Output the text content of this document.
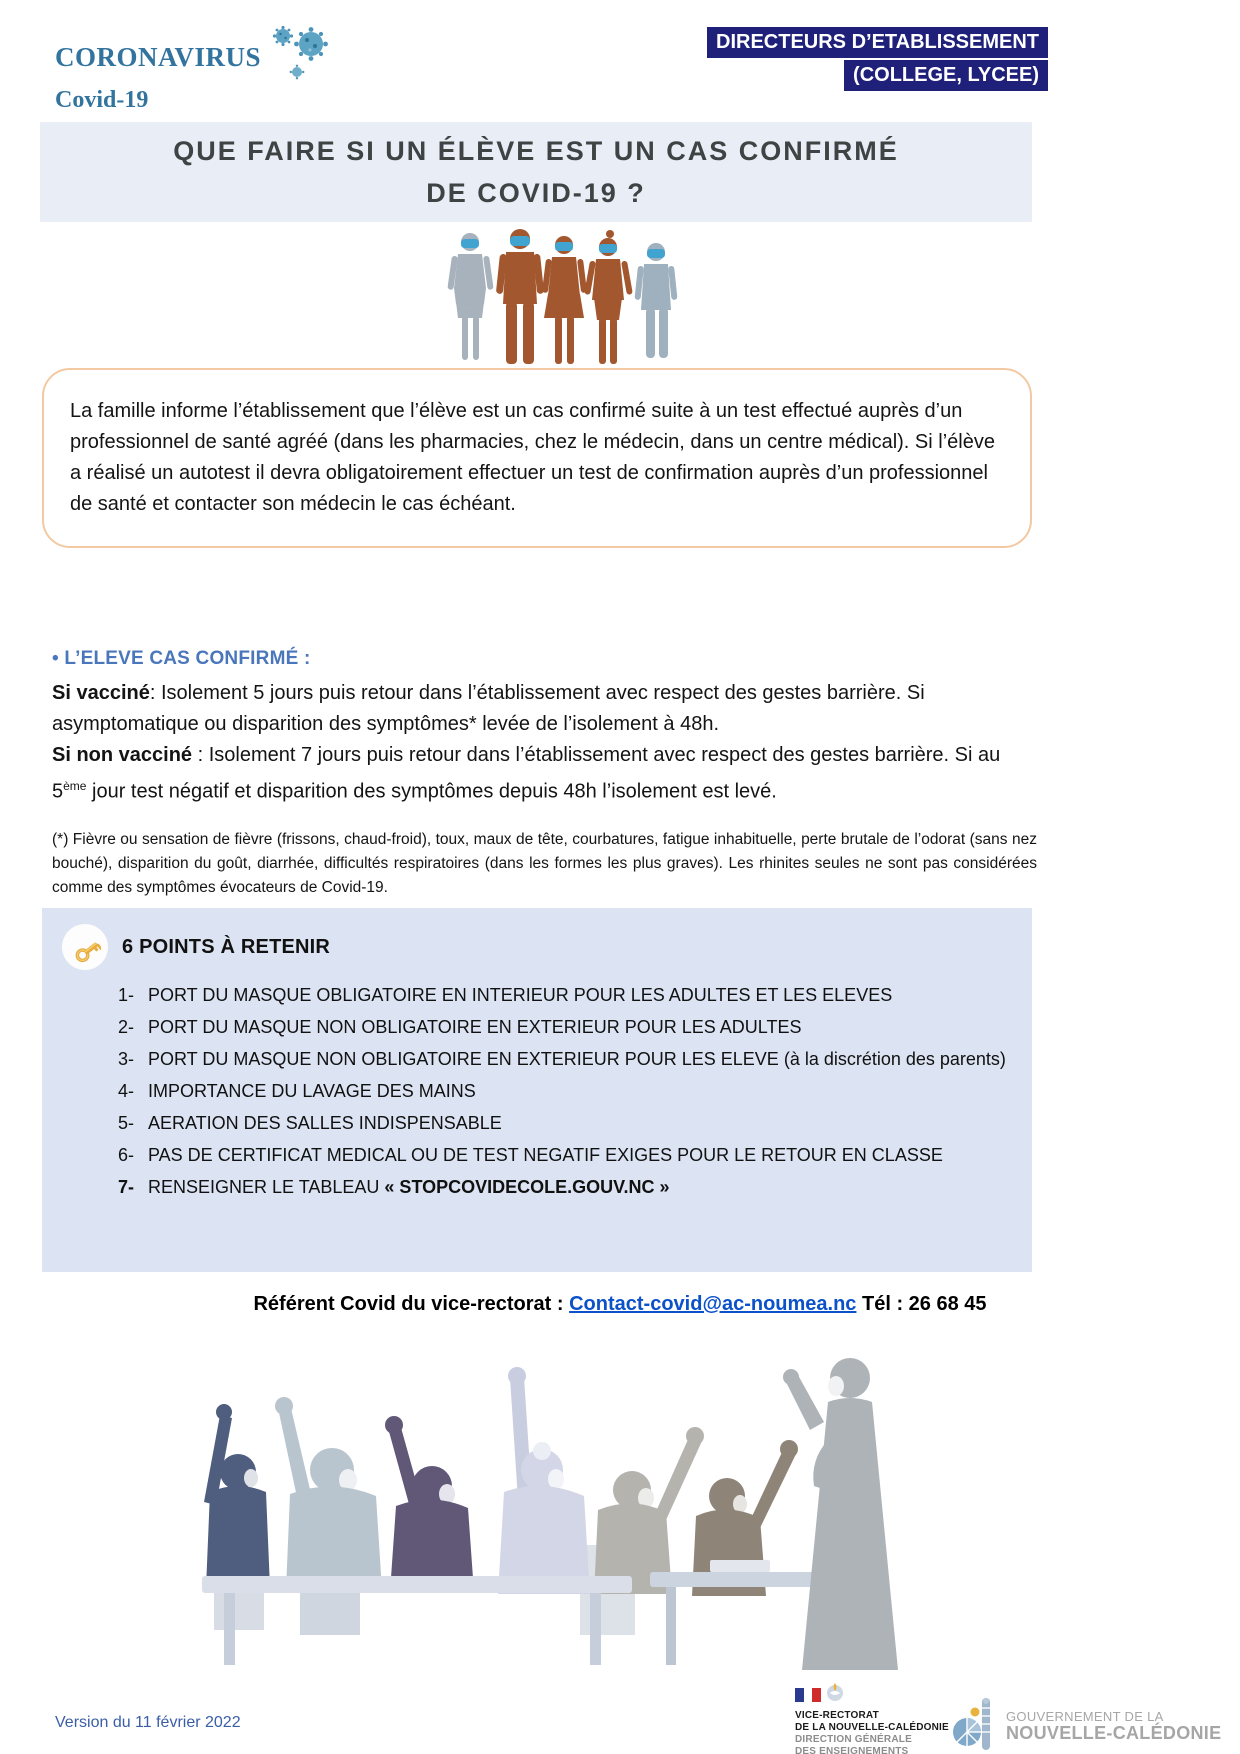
CORONAVIRUS
Covid-19
DIRECTEURS D’ETABLISSEMENT
(COLLEGE, LYCEE)
QUE FAIRE SI UN ÉLÈVE EST UN CAS CONFIRMÉ
DE COVID-19 ?

La famille informe l’établissement que l’élève est un cas confirmé suite à un test effectué auprès d’un professionnel de santé agréé (dans les pharmacies, chez le médecin, dans un centre médical). Si l’élève a réalisé un autotest il devra obligatoirement effectuer un test de confirmation auprès d’un professionnel de santé et contacter son médecin le cas échéant.

• L’ELEVE CAS CONFIRMÉ :

Si vacciné: Isolement 5 jours puis retour dans l’établissement avec respect des gestes barrière. Si asymptomatique ou disparition des symptômes* levée de l’isolement à 48h.

Si non vacciné : Isolement 7 jours puis retour dans l’établissement avec respect des gestes barrière. Si au 5ème jour test négatif et disparition des symptômes depuis 48h l’isolement est levé.

(*) Fièvre ou sensation de fièvre (frissons, chaud-froid), toux, maux de tête, courbatures, fatigue inhabituelle, perte brutale de l’odorat (sans nez bouché), disparition du goût, diarrhée, difficultés respiratoires (dans les formes les plus graves). Les rhinites seules ne sont pas considérées comme des symptômes évocateurs de Covid-19.

6 POINTS À RETENIR
1- PORT DU MASQUE OBLIGATOIRE EN INTERIEUR POUR LES ADULTES ET LES ELEVES
2- PORT DU MASQUE NON OBLIGATOIRE EN EXTERIEUR POUR LES ADULTES
3- PORT DU MASQUE NON OBLIGATOIRE EN EXTERIEUR POUR LES ELEVE (à la discrétion des parents)
4- IMPORTANCE DU LAVAGE DES MAINS
5- AERATION DES SALLES INDISPENSABLE
6- PAS DE CERTIFICAT MEDICAL OU DE TEST NEGATIF EXIGES POUR LE RETOUR EN CLASSE
7- RENSEIGNER LE TABLEAU « STOPCOVIDECOLE.GOUV.NC »
Référent Covid du vice-rectorat : Contact-covid@ac-noumea.nc Tél : 26 68 45
Version du 11 février 2022	VICE-RECTORAT
DE LA NOUVELLE-CALÉDONIE
DIRECTION GÉNÉRALE
DES ENSEIGNEMENTS
GOUVERNEMENT DE LA
NOUVELLE-CALÉDONIE
